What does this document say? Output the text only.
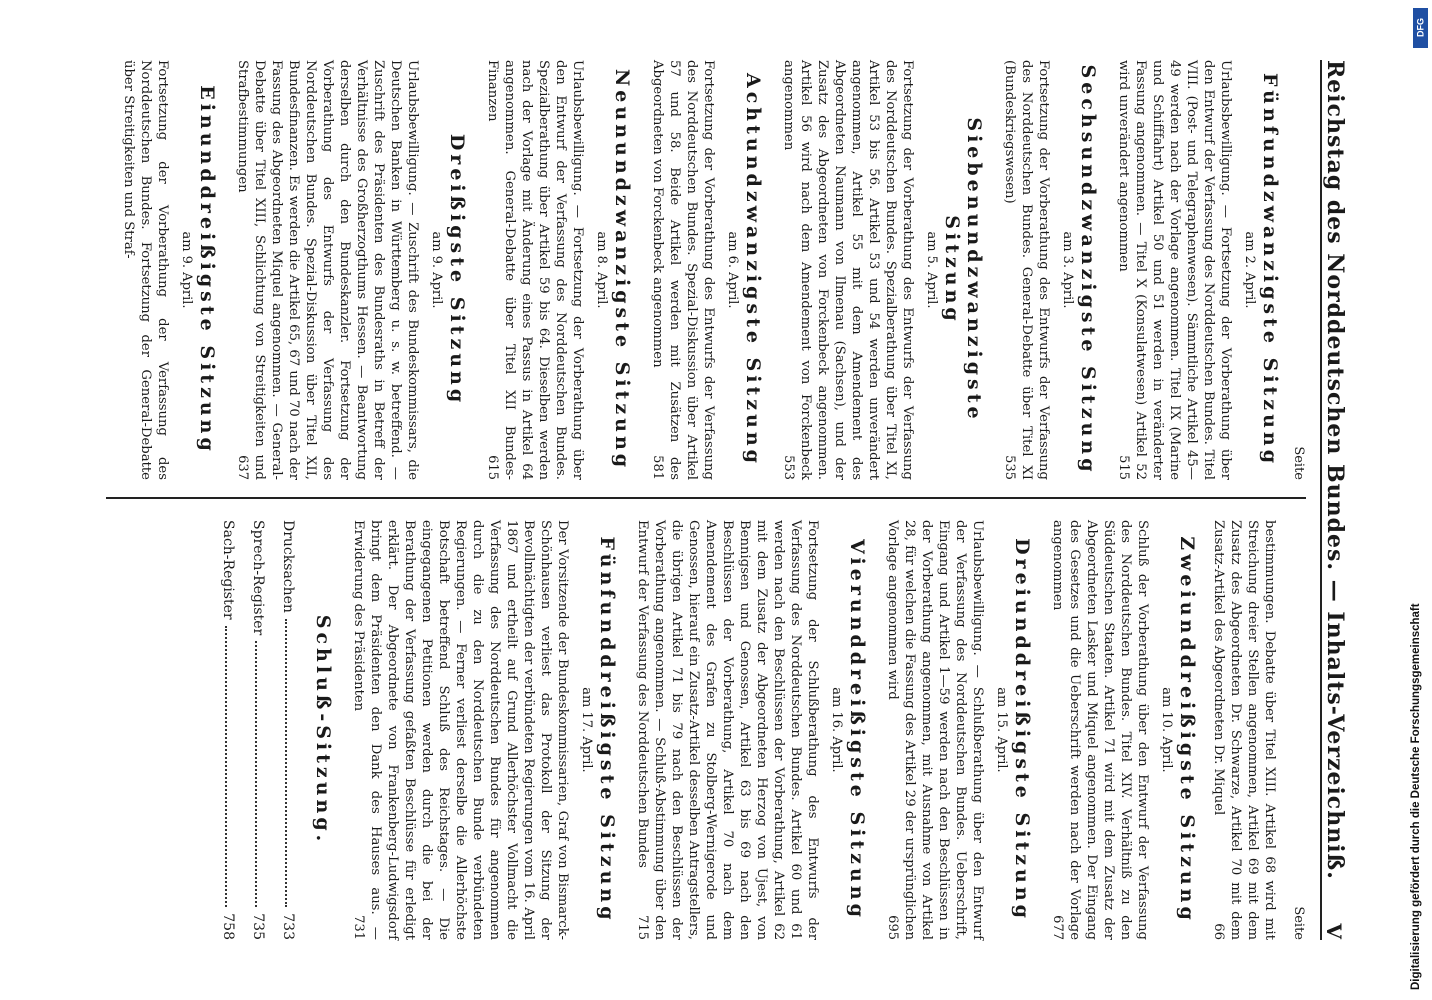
Digitalisierung gefördert durch die Deutsche Forschungsgemeinschaft
DFG
Reichstag des Norddeutschen Bundes. — Inhalts-Verzeichniß.
V
Seite
Fünfundzwanzigste Sitzung
am 2. April.

Urlaubsbewilligung. — Fortsetzung der Vorberathung über den Entwurf der Verfassung des Norddeutschen Bundes. Titel VIII. (Post- und Telegraphenwesen). Sämmtliche Artikel 45—49 werden nach der Vorlage angenommen. Titel IX (Marine und Schifffahrt) Artikel 50 und 51 werden in veränderter Fassung angenommen. — Titel X (Konsulatwesen) Artikel 52 wird unverändert angenommen
515

Sechsundzwanzigste Sitzung
am 3. April.

Fortsetzung der Vorberathung des Entwurfs der Verfassung des Norddeutschen Bundes. General-Debatte über Titel XI (Bundeskriegswesen)
535

Siebenundzwanzigste Sitzung
am 5. April.

Fortsetzung der Vorberathung des Entwurfs der Verfassung des Norddeutschen Bundes. Spezialberathung über Titel XI, Artikel 53 bis 56. Artikel 53 und 54 werden unverändert angenommen, Artikel 55 mit dem Amendement des Abgeordneten Naumann von Ilmenau (Sachsen), und der Zusatz des Abgeordneten von Forckenbeck angenommen. Artikel 56 wird nach dem Amendement von Forckenbeck angenommen
553

Achtundzwanzigste Sitzung
am 6. April.

Fortsetzung der Vorberathung des Entwurfs der Verfassung des Norddeutschen Bundes. Spezial-Diskussion über Artikel 57 und 58. Beide Artikel werden mit Zusätzen des Abgeordneten von Forckenbeck angenommen
581

Neunundzwanzigste Sitzung
am 8. April.

Urlaubsbewilligung. — Fortsetzung der Vorberathung über den Entwurf der Verfassung des Norddeutschen Bundes. Spezialberathung über Artikel 59 bis 64. Dieselben werden nach der Vorlage mit Änderung eines Passus in Artikel 64 angenommen. General-Debatte über Titel XII Bundes-Finanzen
615

Dreißigste Sitzung
am 9. April.

Urlaubsbewilligung. — Zuschrift des Bundeskommissars, die Deutschen Banken in Württemberg u. s. w. betreffend. — Zuschrift des Präsidenten des Bundesraths in Betreff der Verhältnisse des Großherzogthums Hessen. — Beantwortung derselben durch den Bundeskanzler. Fortsetzung der Vorberathung des Entwurfs der Verfassung des Norddeutschen Bundes. Spezial-Diskussion über Titel XII, Bundesfinanzen. Es werden die Artikel 65, 67 und 70 nach der Fassung des Abgeordneten Miquel angenommen. — General-Debatte über Titel XIII, Schlichtung von Streitigkeiten und Strafbestimmungen
637

Einunddreißigste Sitzung
am 9. April.

Fortsetzung der Vorberathung der Verfassung des Norddeutschen Bundes. Fortsetzung der General-Debatte über Streitigkeiten und Straf-

Seite

bestimmungen. Debatte über Titel XIII. Artikel 68 wird mit Streichung dreier Stellen angenommen, Artikel 69 mit dem Zusatz des Abgeordneten Dr. Schwarze, Artikel 70 mit dem Zusatz-Artikel des Abgeordneten Dr. Miquel
66

Zweiunddreißigste Sitzung
am 10. April.

Schluß der Vorberathung über den Entwurf der Verfassung des Norddeutschen Bundes. Titel XIV. Verhältniß zu den Süddeutschen Staaten. Artikel 71 wird mit dem Zusatz der Abgeordneten Lasker und Miquel angenommen. Der Eingang des Gesetzes und die Ueberschrift werden nach der Vorlage angenommen
677

Dreiunddreißigste Sitzung
am 15. April.

Urlaubsbewilligung. — Schlußberathung über den Entwurf der Verfassung des Norddeutschen Bundes. Ueberschrift, Eingang und Artikel 1—59 werden nach den Beschlüssen in der Vorberathung angenommen, mit Ausnahme von Artikel 28, für welchen die Fassung des Artikel 29 der ursprünglichen Vorlage angenommen wird
695

Vierunddreißigste Sitzung
am 16. April.

Fortsetzung der Schlußberathung des Entwurfs der Verfassung des Norddeutschen Bundes. Artikel 60 und 61 werden nach den Beschlüssen der Vorberathung, Artikel 62 mit dem Zusatz der Abgeordneten Herzog von Ujest, von Bennigsen und Genossen, Artikel 63 bis 69 nach den Beschlüssen der Vorberathung, Artikel 70 nach dem Amendement des Grafen zu Stolberg-Wernigerode und Genossen, hierauf ein Zusatz-Artikel desselben Antragstellers, die übrigen Artikel 71 bis 79 nach den Beschlüssen der Vorberathung angenommen. — Schluß-Abstimmung über den Entwurf der Verfassung des Norddeutschen Bundes
715

Fünfunddreißigste Sitzung
am 17. April.

Der Vorsitzende der Bundeskommissarien, Graf von Bismarck-Schönhausen verliest das Protokoll der Sitzung der Bevollmächtigten der verbündeten Regierungen vom 16. April 1867 und ertheilt auf Grund Allerhöchster Vollmacht die Verfassung des Norddeutschen Bundes für angenommen durch die zu den Norddeutschen Bunde verbündeten Regierungen. — Ferner verliest derselbe die Allerhöchste Botschaft betreffend Schluß des Reichstages. — Die eingegangenen Petitionen werden durch die bei der Berathung der Verfassung gefaßten Beschlüsse für erledigt erklärt. Der Abgeordnete von Frankenberg-Ludwigsdorf bringt dem Präsidenten den Dank des Hauses aus. — Erwiderung des Präsidenten
731

Schluß-Sitzung.
Drucksachen
733
Sprech-Register
735
Sach-Register
758
